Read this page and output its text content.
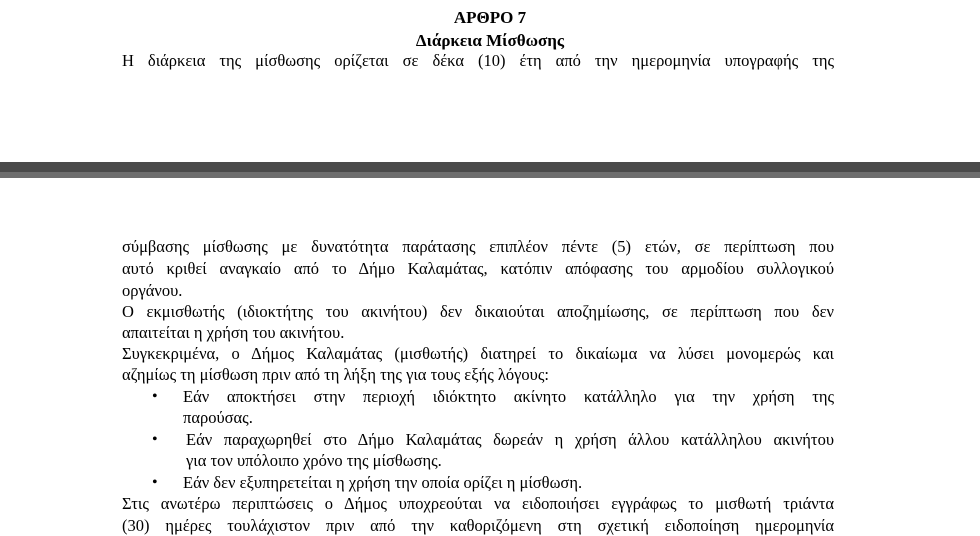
ΑΡΘΡΟ 7
Διάρκεια Μίσθωσης
Η διάρκεια της μίσθωσης ορίζεται σε δέκα (10) έτη από την ημερομηνία υπογραφής της
σύμβασης μίσθωσης με δυνατότητα παράτασης επιπλέον πέντε (5) ετών, σε περίπτωση που
αυτό κριθεί αναγκαίο από το Δήμο Καλαμάτας, κατόπιν απόφασης του αρμοδίου συλλογικού
οργάνου.
Ο εκμισθωτής (ιδιοκτήτης του ακινήτου) δεν δικαιούται αποζημίωσης, σε περίπτωση που δεν
απαιτείται η χρήση του ακινήτου.
Συγκεκριμένα, ο Δήμος Καλαμάτας (μισθωτής) διατηρεί το δικαίωμα να λύσει μονομερώς και
αζημίως τη μίσθωση πριν από τη λήξη της για τους εξής λόγους:
• Εάν αποκτήσει στην περιοχή ιδιόκτητο ακίνητο κατάλληλο για την χρήση της
παρούσας.
• Εάν παραχωρηθεί στο Δήμο Καλαμάτας δωρεάν η χρήση άλλου κατάλληλου ακινήτου
για τον υπόλοιπο χρόνο της μίσθωσης.
• Εάν δεν εξυπηρετείται η χρήση την οποία ορίζει η μίσθωση.
Στις ανωτέρω περιπτώσεις ο Δήμος υποχρεούται να ειδοποιήσει εγγράφως το μισθωτή τριάντα
(30) ημέρες τουλάχιστον πριν από την καθοριζόμενη στη σχετική ειδοποίηση ημερομηνία
